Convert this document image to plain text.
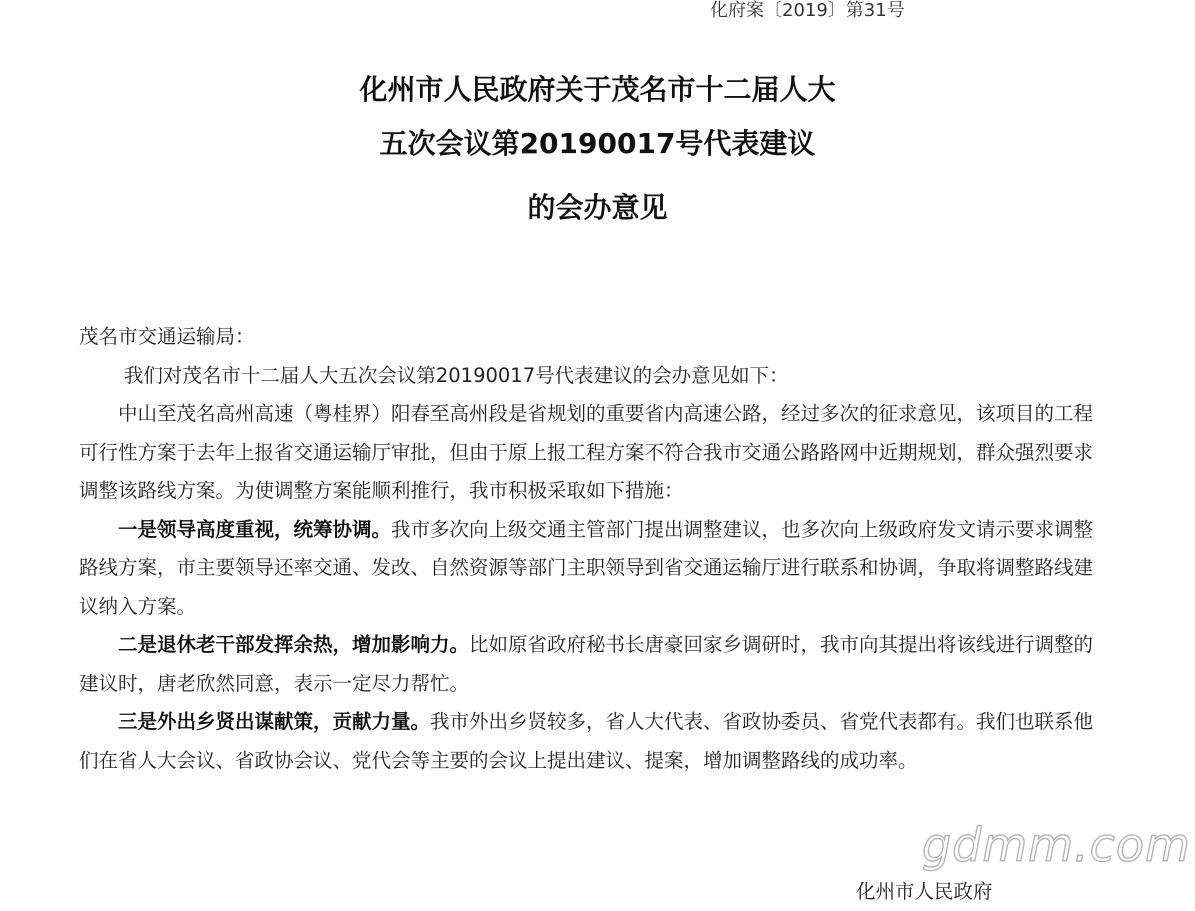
化府案〔2019〕第31号
化州市人民政府关于茂名市十二届人大
五次会议第20190017号代表建议
的会办意见

茂名市交通运输局：

我们对茂名市十二届人大五次会议第20190017号代表建议的会办意见如下：

中山至茂名高州高速（粤桂界）阳春至高州段是省规划的重要省内高速公路，经过多次的征求意见，该项目的工程可行性方案于去年上报省交通运输厅审批，但由于原上报工程方案不符合我市交通公路路网中近期规划，群众强烈要求调整该路线方案。为使调整方案能顺利推行，我市积极采取如下措施：

一是领导高度重视，统筹协调。我市多次向上级交通主管部门提出调整建议，也多次向上级政府发文请示要求调整路线方案，市主要领导还率交通、发改、自然资源等部门主职领导到省交通运输厅进行联系和协调，争取将调整路线建议纳入方案。

二是退休老干部发挥余热，增加影响力。比如原省政府秘书长唐豪回家乡调研时，我市向其提出将该线进行调整的建议时，唐老欣然同意，表示一定尽力帮忙。

三是外出乡贤出谋献策，贡献力量。我市外出乡贤较多，省人大代表、省政协委员、省党代表都有。我们也联系他们在省人大会议、省政协会议、党代会等主要的会议上提出建议、提案，增加调整路线的成功率。

gdmm.com
化州市人民政府
